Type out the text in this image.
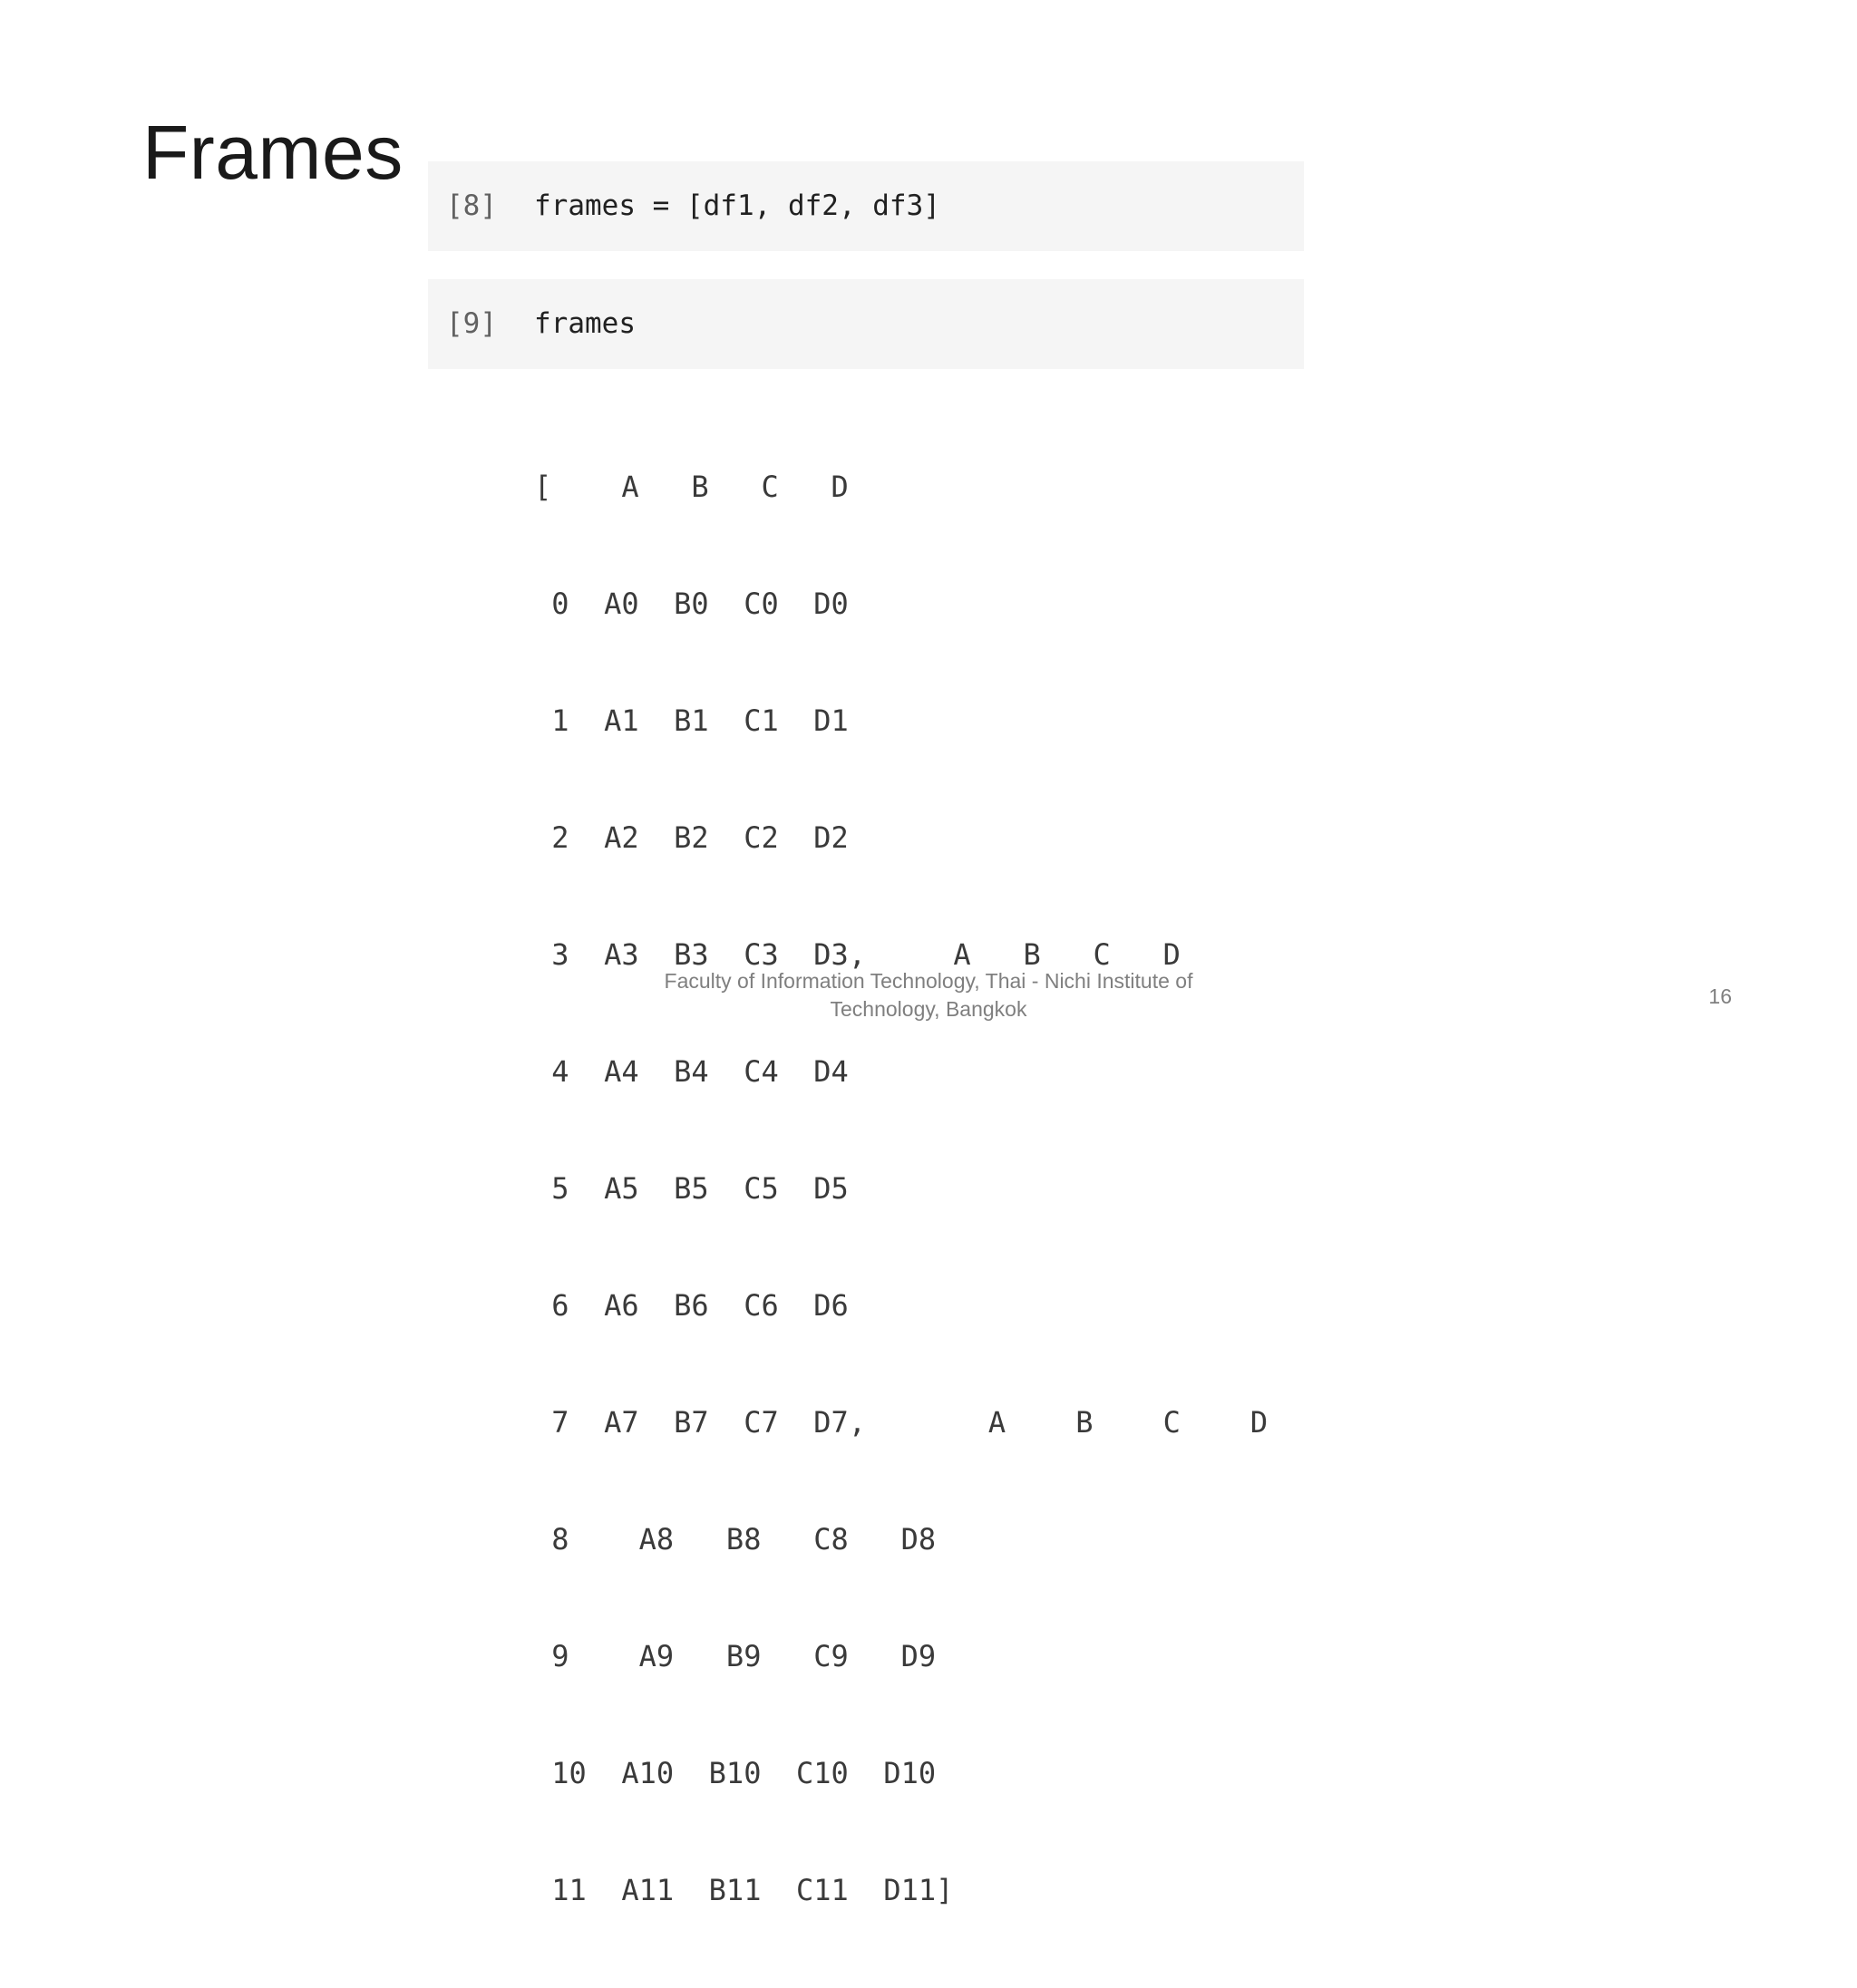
Frames
[8] frames = [df1, df2, df3]
[9] frames

[    A   B   C   D

0  A0  B0  C0  D0

1  A1  B1  C1  D1

2  A2  B2  C2  D2

3  A3  B3  C3  D3,     A   B   C   D

4  A4  B4  C4  D4

5  A5  B5  C5  D5

6  A6  B6  C6  D6

7  A7  B7  C7  D7,       A    B    C    D

8    A8   B8   C8   D8

9    A9   B9   C9   D9

10  A10  B10  C10  D10

11  A11  B11  C11  D11]

Faculty of Information Technology, Thai - Nichi Institute of
Technology, Bangkok
16
